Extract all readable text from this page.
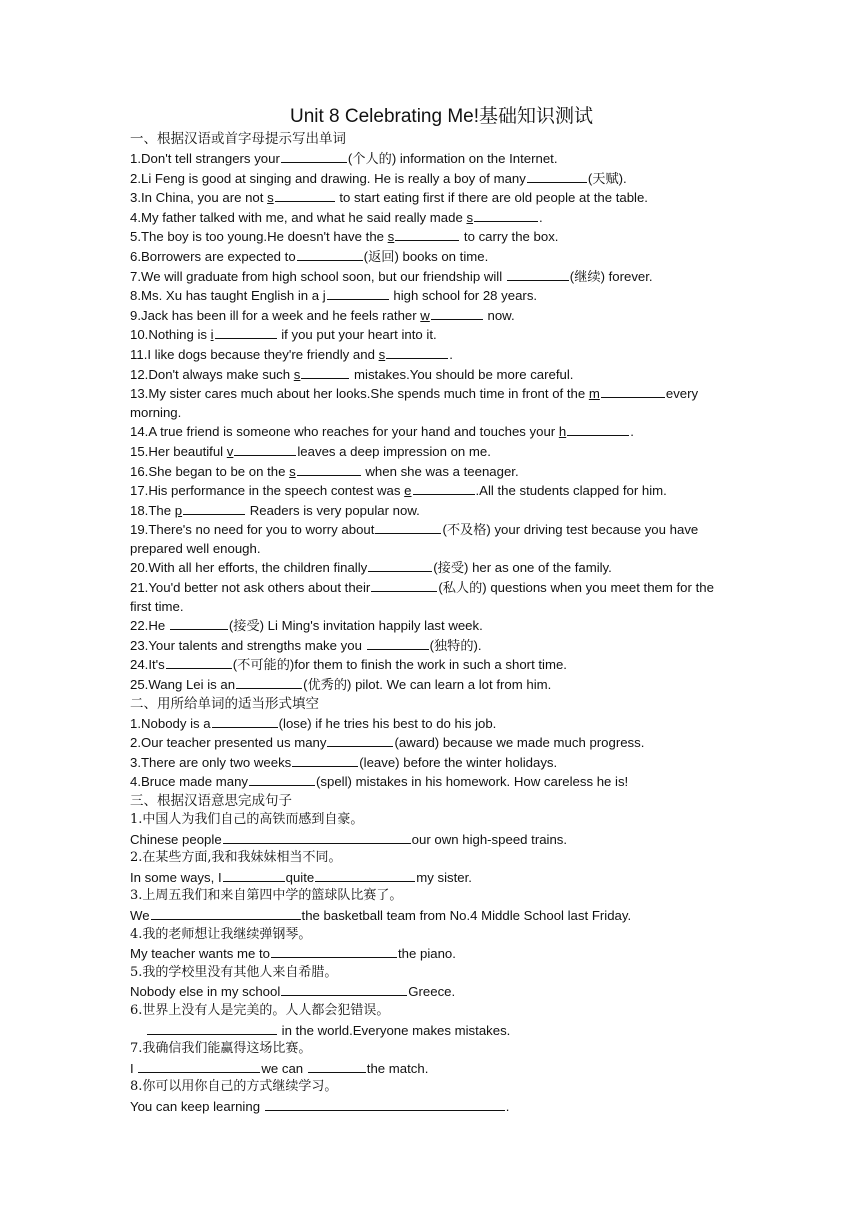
Unit 8 Celebrating Me!基础知识测试
一、根据汉语或首字母提示写出单词
1.Don't tell strangers your	(个人的) information on the Internet.
2.Li Feng is good at singing and drawing. He is really a boy of many	(天赋).
3.In China, you are not s	to start eating first if there are old people at the table.
4.My father talked with me, and what he said really made s	.
5.The boy is too young.He doesn't have the s	to carry the box.
6.Borrowers are expected to	(返回) books on time.
7.We will graduate from high school soon, but our friendship will	(继续) forever.
8.Ms. Xu has taught English in a j	high school for 28 years.
9.Jack has been ill for a week and he feels rather w	now.
10.Nothing is i	if you put your heart into it.
11.I like dogs because they're friendly and s	.
12.Don't always make such s	mistakes.You should be more careful.
13.My sister cares much about her looks.She spends much time in front of the m	every morning.
14.A true friend is someone who reaches for your hand and touches your h	.
15.Her beautiful v	leaves a deep impression on me.
16.She began to be on the s	when she was a teenager.
17.His performance in the speech contest was e	.All the students clapped for him.
18.The p	Readers is very popular now.
19.There's no need for you to worry about	(不及格) your driving test because you have prepared well enough.
20.With all her efforts, the children finally	(接受) her as one of the family.
21.You'd better not ask others about their	(私人的) questions when you meet them for the first time.
22.He	(接受) Li Ming's invitation happily last week.
23.Your talents and strengths make you	(独特的).
24.It's	(不可能的)for them to finish the work in such a short time.
25.Wang Lei is an	(优秀的) pilot. We can learn a lot from him.
二、用所给单词的适当形式填空
1.Nobody is a	(lose) if he tries his best to do his job.
2.Our teacher presented us many	(award) because we made much progress.
3.There are only two weeks	(leave) before the winter holidays.
4.Bruce made many	(spell) mistakes in his homework. How careless he is!
三、根据汉语意思完成句子
1.中国人为我们自己的高铁而感到自豪。
Chinese people	our own high-speed trains.
2.在某些方面,我和我妹妹相当不同。
In some ways, I	quite	my sister.
3.上周五我们和来自第四中学的篮球队比赛了。
We	the basketball team from No.4 Middle School last Friday.
4.我的老师想让我继续弹钢琴。
My teacher wants me to	the piano.
5.我的学校里没有其他人来自希腊。
Nobody else in my school	Greece.
6.世界上没有人是完美的。人人都会犯错误。
in the world.Everyone makes mistakes.
7.我确信我们能赢得这场比赛。
I	we can	the match.
8.你可以用你自己的方式继续学习。
You can keep learning	.
